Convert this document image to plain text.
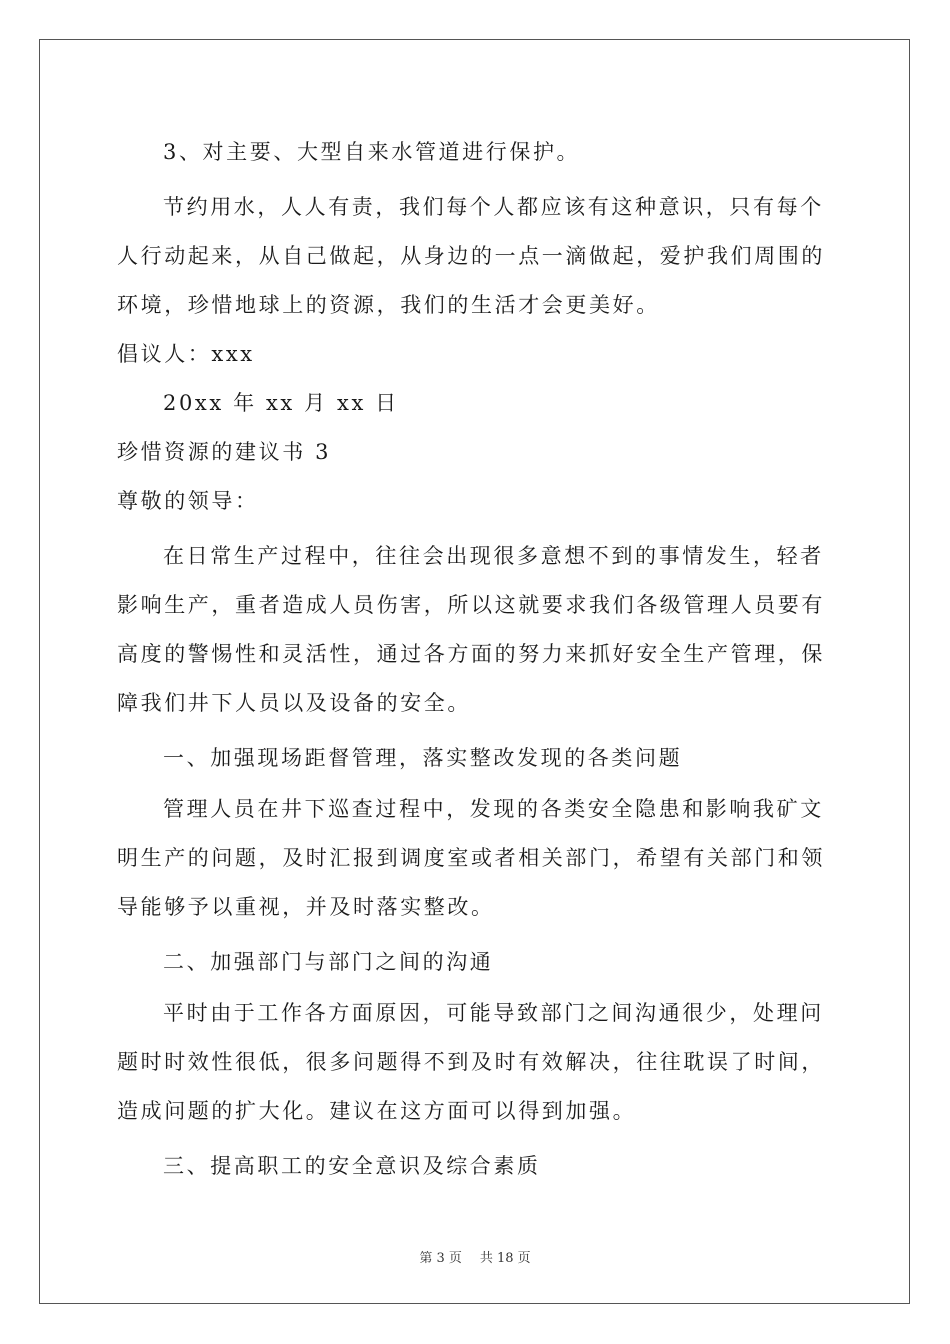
3、对主要、大型自来水管道进行保护。
节约用水，人人有责，我们每个人都应该有这种意识，只有每个
人行动起来，从自己做起，从身边的一点一滴做起，爱护我们周围的
环境，珍惜地球上的资源，我们的生活才会更美好。
倡议人：xxx
20xx 年 xx 月 xx 日
珍惜资源的建议书 3
尊敬的领导：
在日常生产过程中，往往会出现很多意想不到的事情发生，轻者
影响生产，重者造成人员伤害，所以这就要求我们各级管理人员要有
高度的警惕性和灵活性，通过各方面的努力来抓好安全生产管理，保
障我们井下人员以及设备的安全。
一、加强现场距督管理，落实整改发现的各类问题
管理人员在井下巡查过程中，发现的各类安全隐患和影响我矿文
明生产的问题，及时汇报到调度室或者相关部门，希望有关部门和领
导能够予以重视，并及时落实整改。
二、加强部门与部门之间的沟通
平时由于工作各方面原因，可能导致部门之间沟通很少，处理问
题时时效性很低，很多问题得不到及时有效解决，往往耽误了时间，
造成问题的扩大化。建议在这方面可以得到加强。
三、提高职工的安全意识及综合素质
第 3 页 共 18 页
